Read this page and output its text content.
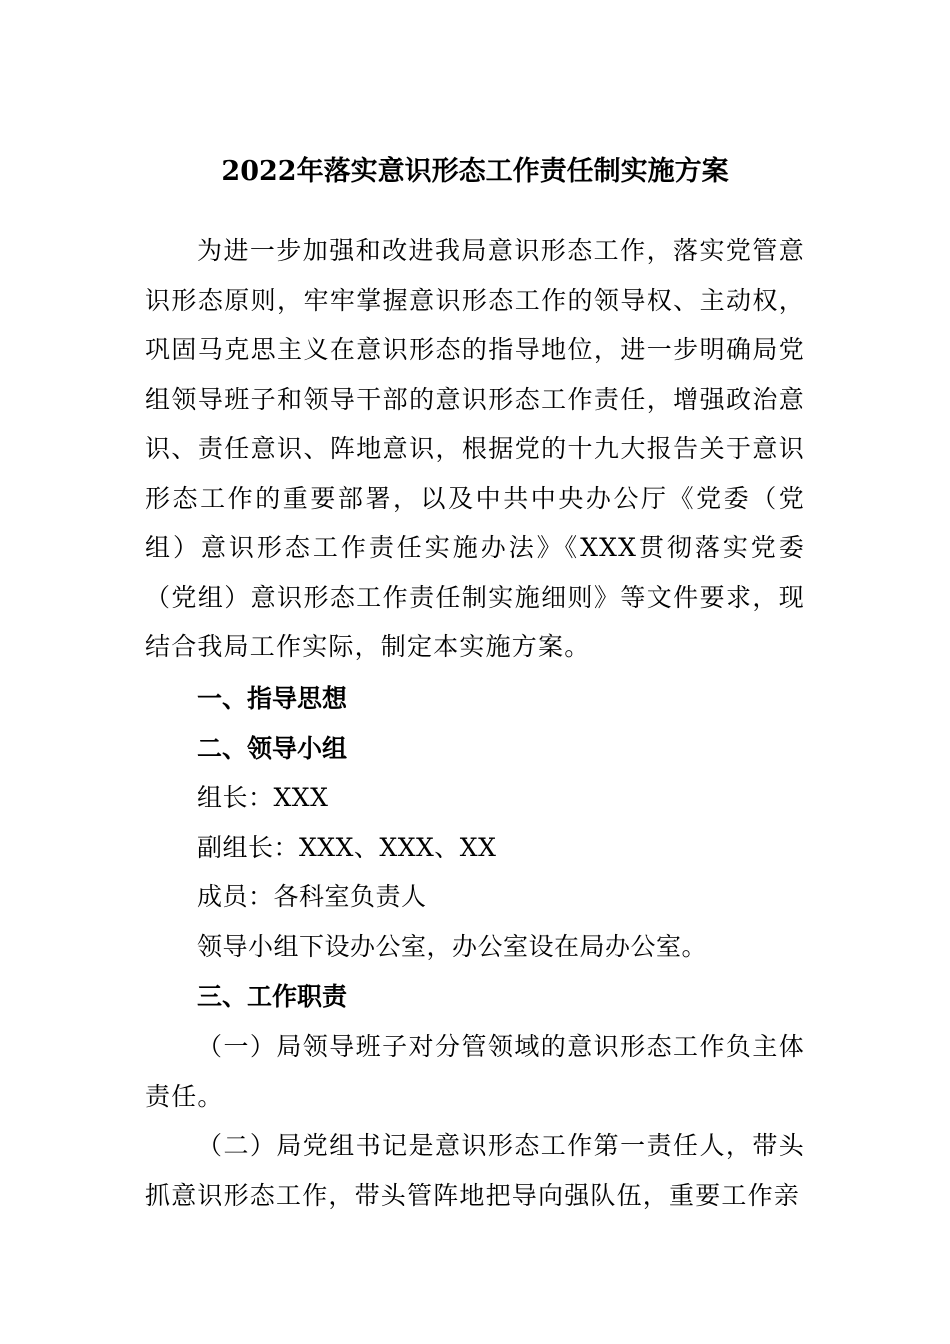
2022年落实意识形态工作责任制实施方案
为进一步加强和改进我局意识形态工作，落实党管意识形态原则，牢牢掌握意识形态工作的领导权、主动权，巩固马克思主义在意识形态的指导地位，进一步明确局党组领导班子和领导干部的意识形态工作责任，增强政治意识、责任意识、阵地意识，根据党的十九大报告关于意识形态工作的重要部署，以及中共中央办公厅《党委（党组）意识形态工作责任实施办法》《XXX贯彻落实党委（党组）意识形态工作责任制实施细则》等文件要求，现结合我局工作实际，制定本实施方案。
一、指导思想
二、领导小组
组长：XXX
副组长：XXX、XXX、XX
成员：各科室负责人
领导小组下设办公室，办公室设在局办公室。
三、工作职责
（一）局领导班子对分管领域的意识形态工作负主体责任。
（二）局党组书记是意识形态工作第一责任人，带头抓意识形态工作，带头管阵地把导向强队伍，重要工作亲
